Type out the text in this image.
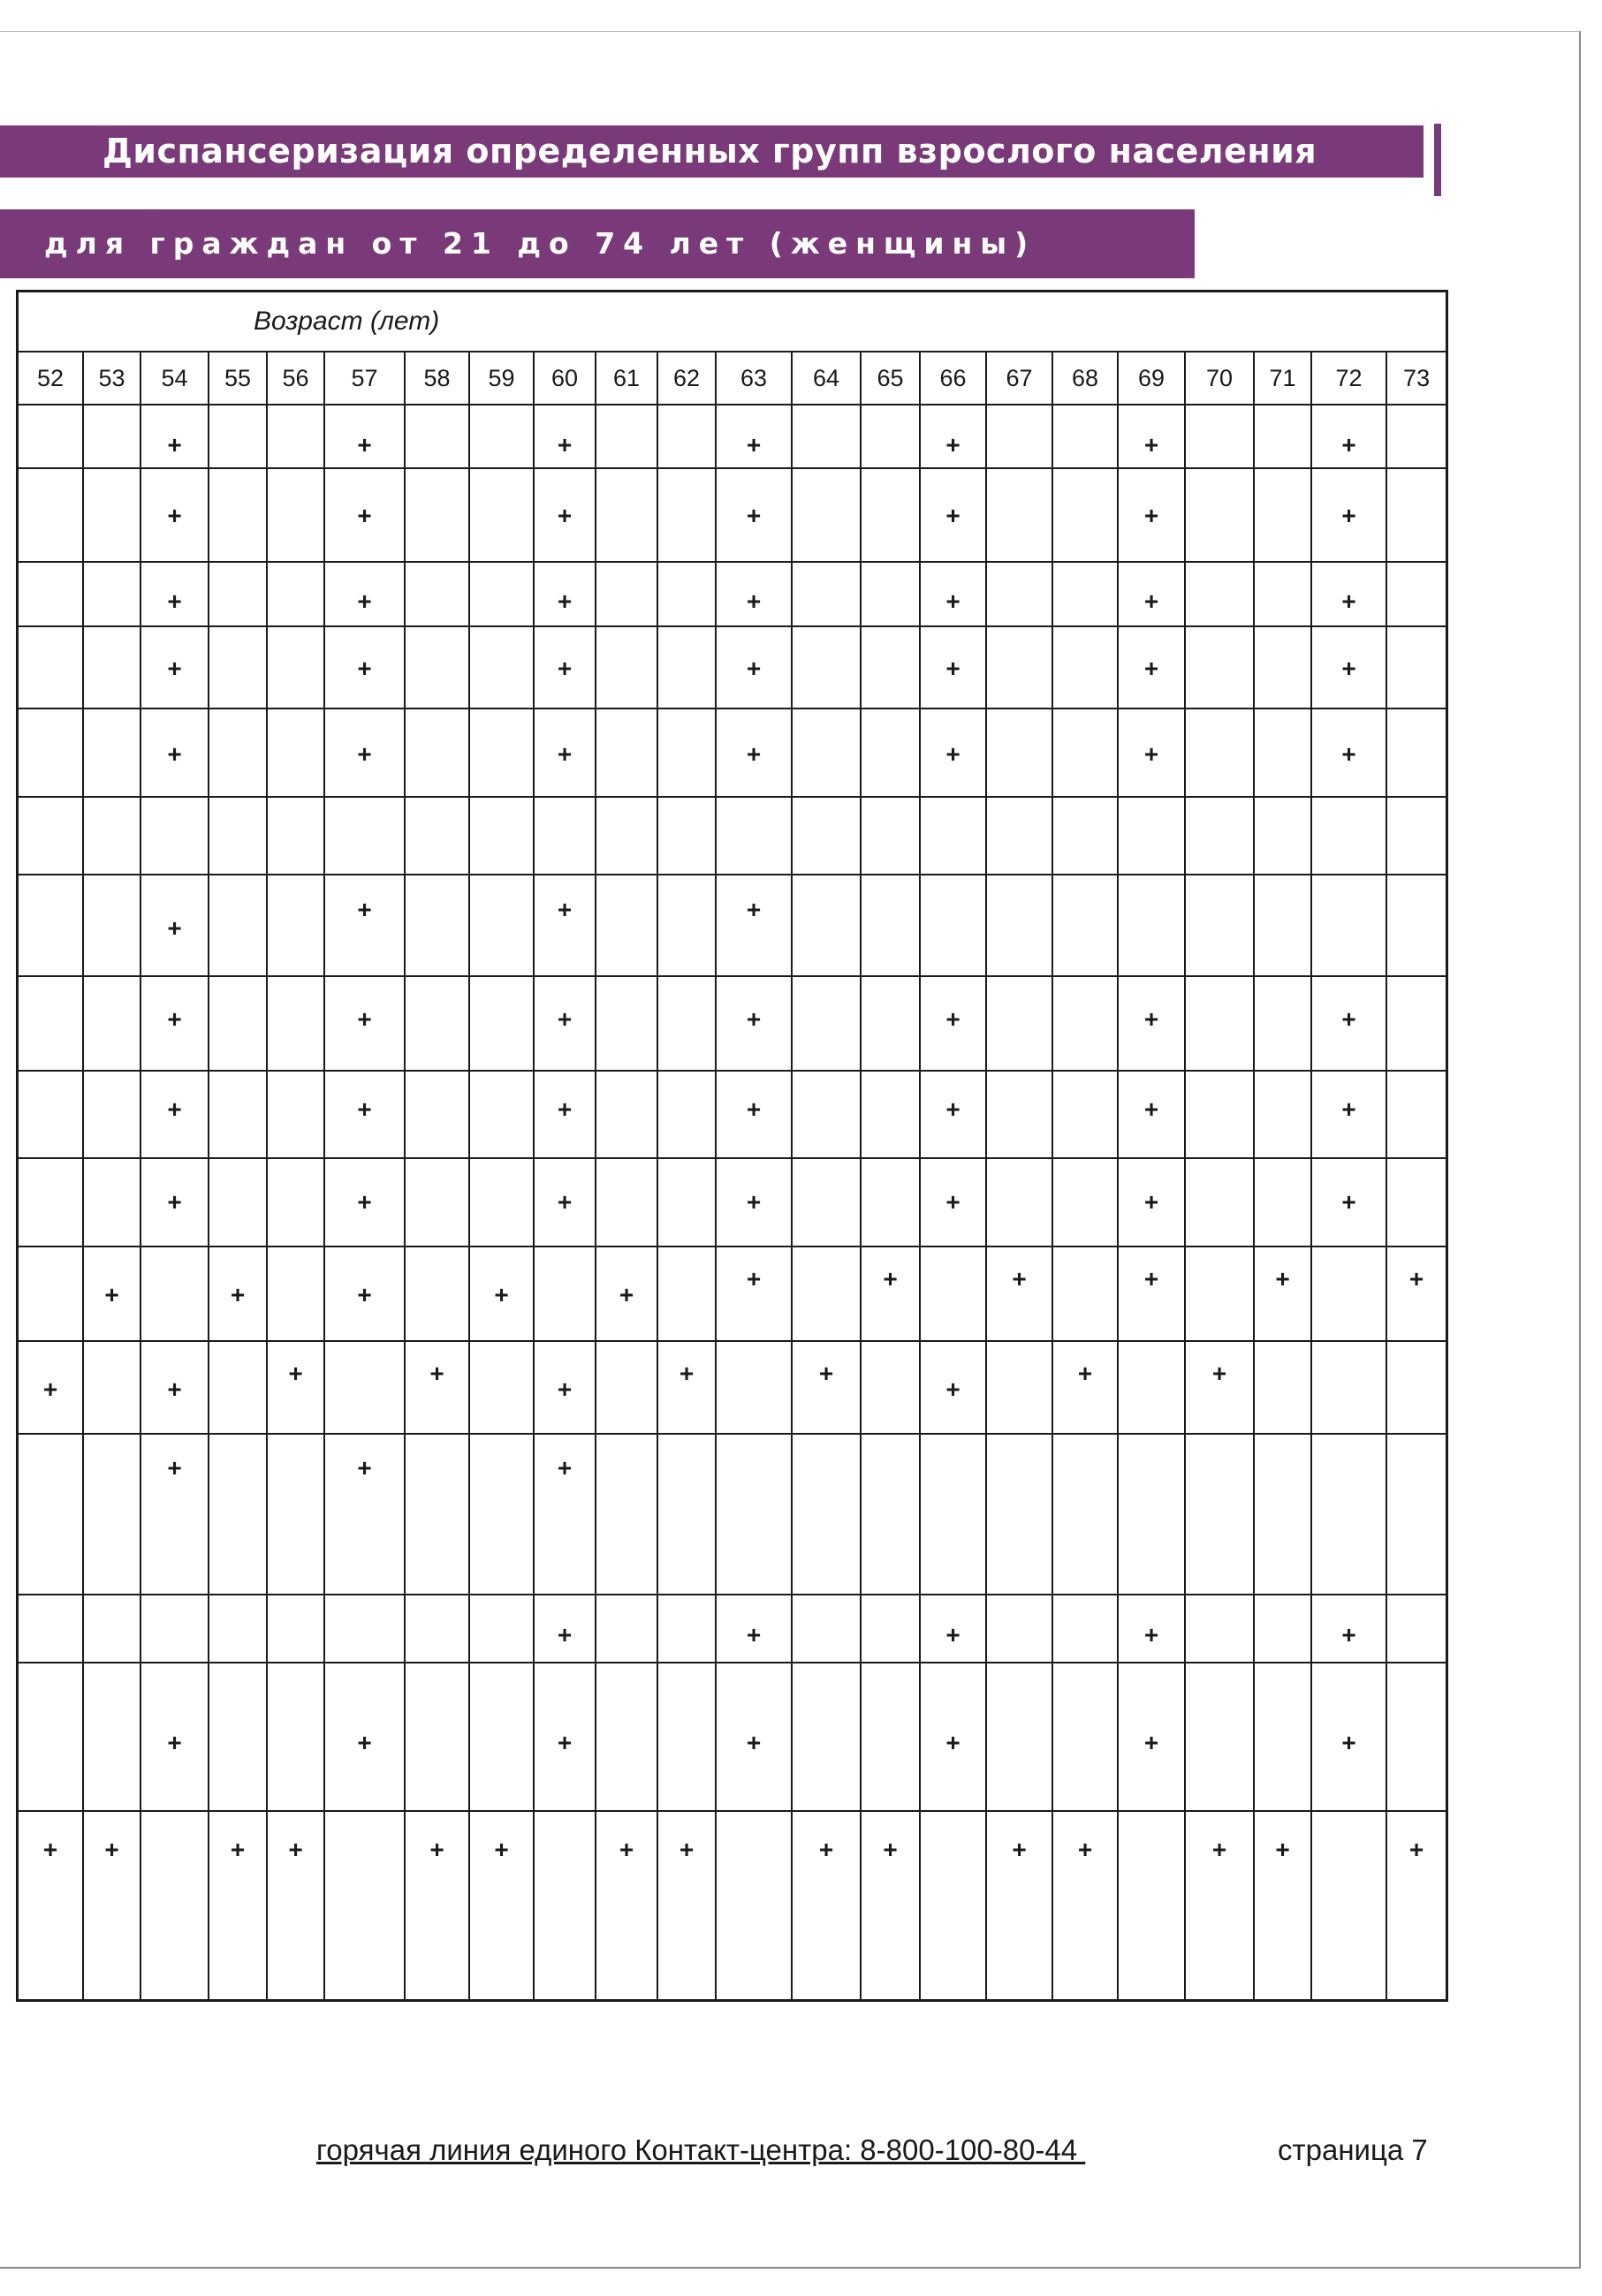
Диспансеризация определенных групп взрослого населения
для граждан от 21 до 74 лет (женщины)
Возраст (лет)																					
52	53	54	55	56	57	58	59	60	61	62	63	64	65	66	67	68	69	70	71	72	73

		+			+			+			+			+			+			+	

		+			+			+			+			+			+			+	

		+			+			+			+			+			+			+	

		+			+			+			+			+			+			+	

		+			+			+			+			+			+			+	

		+			+			+			+										

		+			+			+			+			+			+			+	

		+			+			+			+			+			+			+	

		+			+			+			+			+			+			+	

	+		+		+		+		+		+		+		+		+		+		+

+		+		+		+		+		+		+		+		+		+			

		+			+			+													

								+			+			+			+			+	

		+			+			+			+			+			+			+	

+	+		+	+		+	+		+	+		+	+		+	+		+	+		+
горячая линия единого Контакт-центра: 8-800-100-80-44	страница 7
